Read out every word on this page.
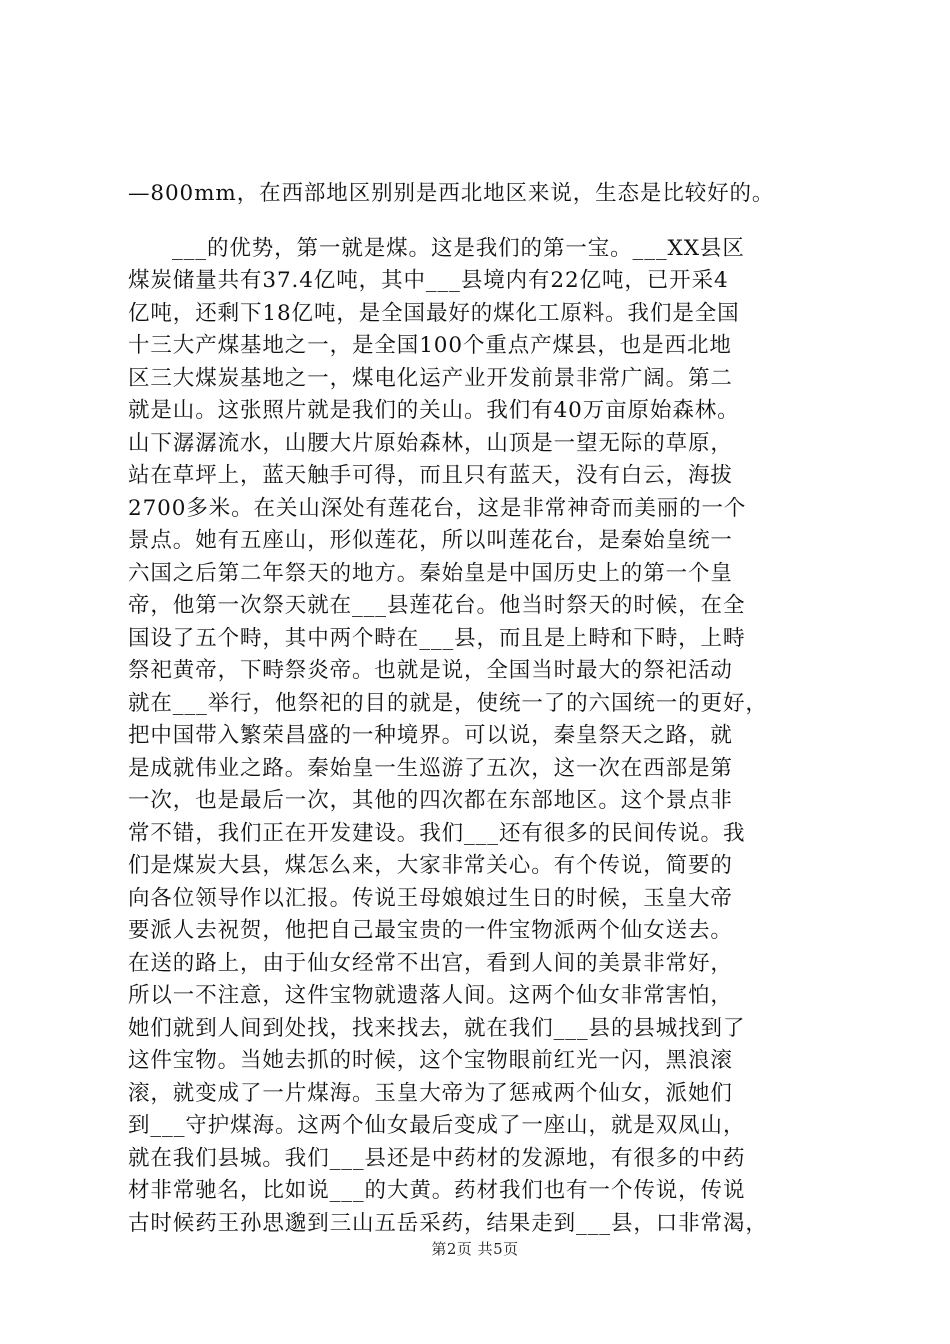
—800mm，在西部地区别别是西北地区来说，生态是比较好的。
___的优势，第一就是煤。这是我们的第一宝。___XX县区
煤炭储量共有37.4亿吨，其中___县境内有22亿吨，已开采4
亿吨，还剩下18亿吨，是全国最好的煤化工原料。我们是全国
十三大产煤基地之一，是全国100个重点产煤县，也是西北地
区三大煤炭基地之一，煤电化运产业开发前景非常广阔。第二
就是山。这张照片就是我们的关山。我们有40万亩原始森林。
山下潺潺流水，山腰大片原始森林，山顶是一望无际的草原，
站在草坪上，蓝天触手可得，而且只有蓝天，没有白云，海拔
2700多米。在关山深处有莲花台，这是非常神奇而美丽的一个
景点。她有五座山，形似莲花，所以叫莲花台，是秦始皇统一
六国之后第二年祭天的地方。秦始皇是中国历史上的第一个皇
帝，他第一次祭天就在___县莲花台。他当时祭天的时候，在全
国设了五个畤，其中两个畤在___县，而且是上畤和下畤，上畤
祭祀黄帝，下畤祭炎帝。也就是说，全国当时最大的祭祀活动
就在___举行，他祭祀的目的就是，使统一了的六国统一的更好，
把中国带入繁荣昌盛的一种境界。可以说，秦皇祭天之路，就
是成就伟业之路。秦始皇一生巡游了五次，这一次在西部是第
一次，也是最后一次，其他的四次都在东部地区。这个景点非
常不错，我们正在开发建设。我们___还有很多的民间传说。我
们是煤炭大县，煤怎么来，大家非常关心。有个传说，简要的
向各位领导作以汇报。传说王母娘娘过生日的时候，玉皇大帝
要派人去祝贺，他把自己最宝贵的一件宝物派两个仙女送去。
在送的路上，由于仙女经常不出宫，看到人间的美景非常好，
所以一不注意，这件宝物就遗落人间。这两个仙女非常害怕，
她们就到人间到处找，找来找去，就在我们___县的县城找到了
这件宝物。当她去抓的时候，这个宝物眼前红光一闪，黑浪滚
滚，就变成了一片煤海。玉皇大帝为了惩戒两个仙女，派她们
到___守护煤海。这两个仙女最后变成了一座山，就是双凤山，
就在我们县城。我们___县还是中药材的发源地，有很多的中药
材非常驰名，比如说___的大黄。药材我们也有一个传说，传说
古时候药王孙思邈到三山五岳采药，结果走到___县，口非常渴，
第2页 共5页
